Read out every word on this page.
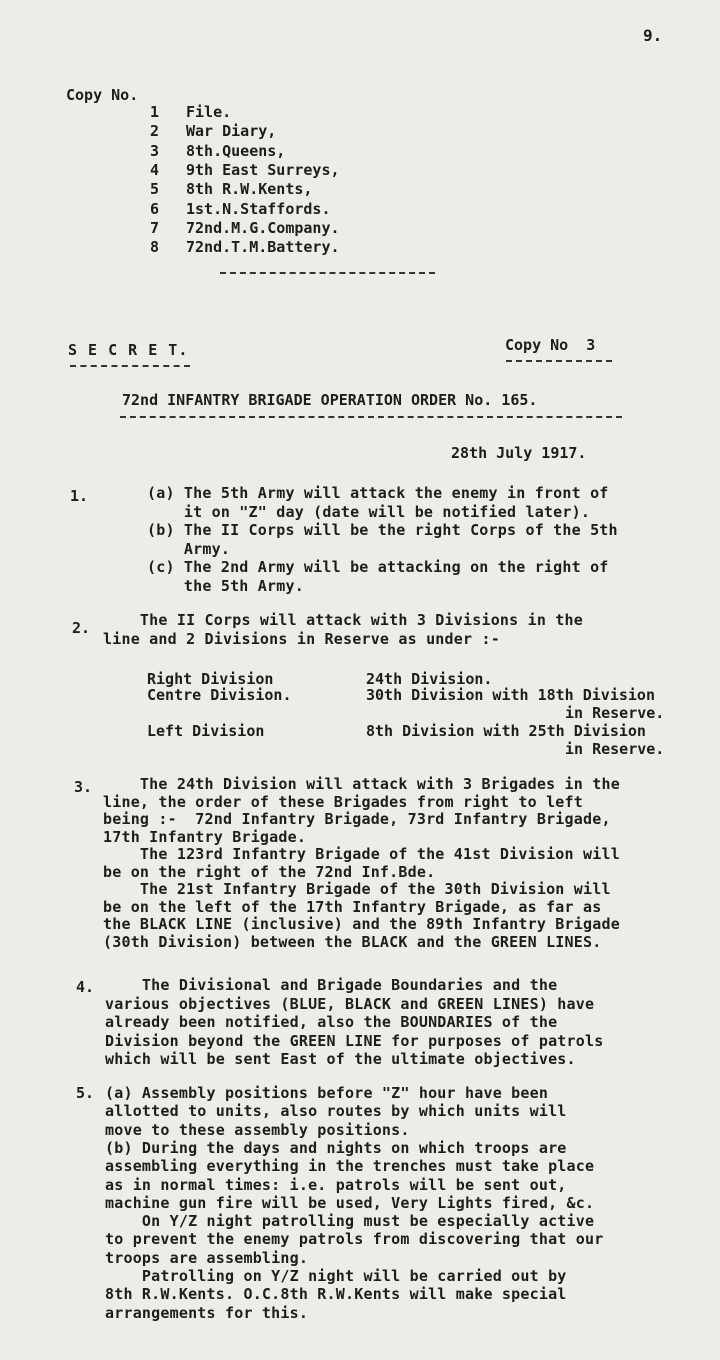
9.
Copy No.
1 File.
2 War Diary,
3 8th.Queens,
4 9th East Surreys,
5 8th R.W.Kents,
6 1st.N.Staffords.
7 72nd.M.G.Company.
8 72nd.T.M.Battery.
S E C R E T.	Copy No  3
72nd INFANTRY BRIGADE OPERATION ORDER No. 165.
28th July 1917.
1.	(a) The 5th Army will attack the enemy in front of
it on "Z" day (date will be notified later).
(b) The II Corps will be the right Corps of the 5th
Army.
(c) The 2nd Army will be attacking on the right of
the 5th Army.
2. The II Corps will attack with 3 Divisions in the
line and 2 Divisions in Reserve as under :-
Right Division	24th Division.
Centre Division.	30th Division with 18th Division
in Reserve.
Left Division	8th Division with 25th Division
in Reserve.
3. The 24th Division will attack with 3 Brigades in the
line, the order of these Brigades from right to left
being :-  72nd Infantry Brigade, 73rd Infantry Brigade,
17th Infantry Brigade.
The 123rd Infantry Brigade of the 41st Division will
be on the right of the 72nd Inf.Bde.
The 21st Infantry Brigade of the 30th Division will
be on the left of the 17th Infantry Brigade, as far as
the BLACK LINE (inclusive) and the 89th Infantry Brigade
(30th Division) between the BLACK and the GREEN LINES.
4. The Divisional and Brigade Boundaries and the
various objectives (BLUE, BLACK and GREEN LINES) have
already been notified, also the BOUNDARIES of the
Division beyond the GREEN LINE for purposes of patrols
which will be sent East of the ultimate objectives.
5. (a) Assembly positions before "Z" hour have been
allotted to units, also routes by which units will
move to these assembly positions.
(b) During the days and nights on which troops are
assembling everything in the trenches must take place
as in normal times: i.e. patrols will be sent out,
machine gun fire will be used, Very Lights fired, &c.
On Y/Z night patrolling must be especially active
to prevent the enemy patrols from discovering that our
troops are assembling.
Patrolling on Y/Z night will be carried out by
8th R.W.Kents. O.C.8th R.W.Kents will make special
arrangements for this.
